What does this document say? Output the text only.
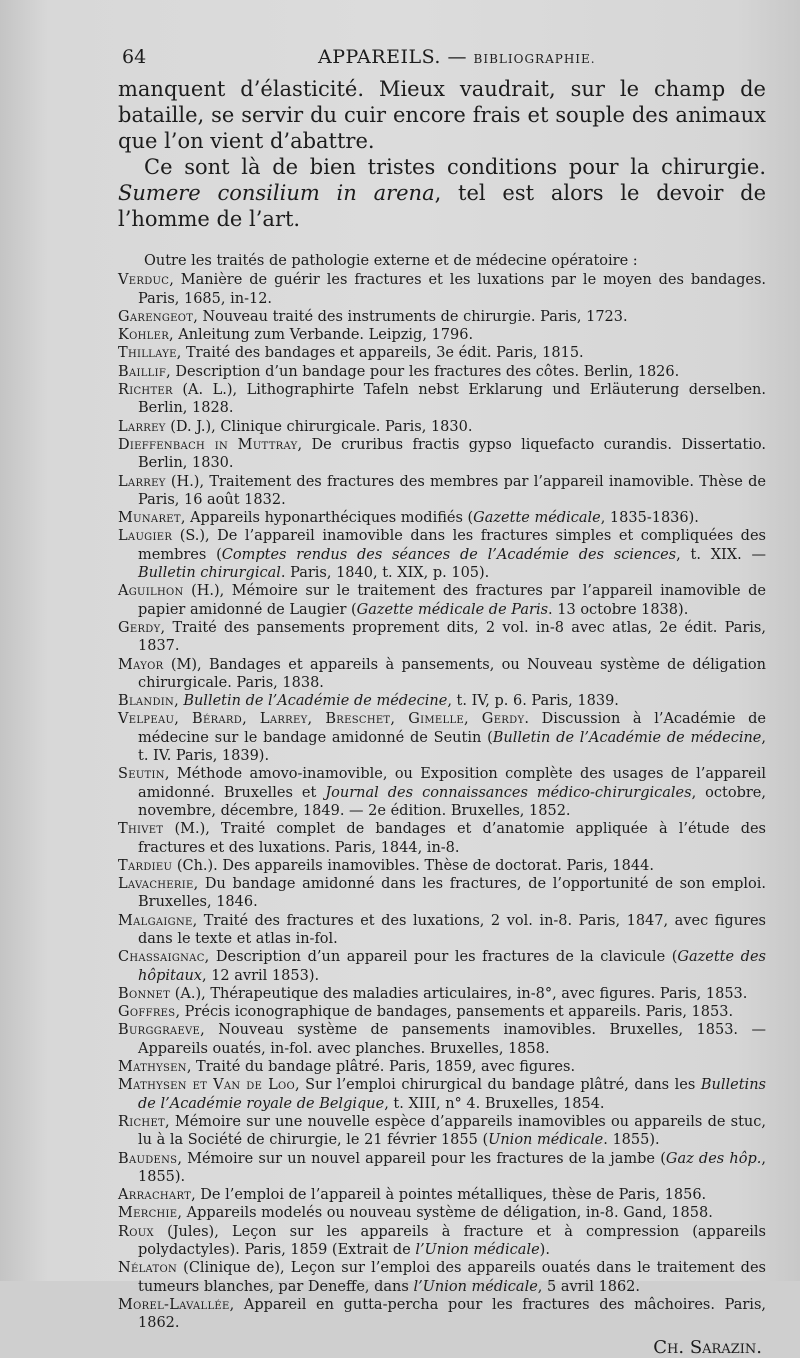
64	APPAREILS. — BIBLIOGRAPHIE.

manquent d’élasticité. Mieux vaudrait, sur le champ de bataille, se servir du cuir encore frais et souple des animaux que l’on vient d’abattre.

Ce sont là de bien tristes conditions pour la chirurgie. Sumere consilium in arena, tel est alors le devoir de l’homme de l’art.

Outre les traités de pathologie externe et de médecine opératoire :

Verduc, Manière de guérir les fractures et les luxations par le moyen des bandages. Paris, 1685, in-12.

Garengeot, Nouveau traité des instruments de chirurgie. Paris, 1723.

Kohler, Anleitung zum Verbande. Leipzig, 1796.

Thillaye, Traité des bandages et appareils, 3e édit. Paris, 1815.

Baillif, Description d’un bandage pour les fractures des côtes. Berlin, 1826.

Richter (A. L.), Lithographirte Tafeln nebst Erklarung und Erläuterung derselben. Berlin, 1828.

Larrey (D. J.), Clinique chirurgicale. Paris, 1830.

Dieffenbach in Muttray, De cruribus fractis gypso liquefacto curandis. Dissertatio. Berlin, 1830.

Larrey (H.), Traitement des fractures des membres par l’appareil inamovible. Thèse de Paris, 16 août 1832.

Munaret, Appareils hyponarthéciques modifiés (Gazette médicale, 1835-1836).

Laugier (S.), De l’appareil inamovible dans les fractures simples et compliquées des membres (Comptes rendus des séances de l’Académie des sciences, t. XIX. — Bulletin chirurgical. Paris, 1840, t. XIX, p. 105).

Aguilhon (H.), Mémoire sur le traitement des fractures par l’appareil inamovible de papier amidonné de Laugier (Gazette médicale de Paris. 13 octobre 1838).

Gerdy, Traité des pansements proprement dits, 2 vol. in-8 avec atlas, 2e édit. Paris, 1837.

Mayor (M), Bandages et appareils à pansements, ou Nouveau système de déligation chirurgicale. Paris, 1838.

Blandin, Bulletin de l’Académie de médecine, t. IV, p. 6. Paris, 1839.

Velpeau, Bérard, Larrey, Breschet, Gimelle, Gerdy. Discussion à l’Académie de médecine sur le bandage amidonné de Seutin (Bulletin de l’Académie de médecine, t. IV. Paris, 1839).

Seutin, Méthode amovo-inamovible, ou Exposition complète des usages de l’appareil amidonné. Bruxelles et Journal des connaissances médico-chirurgicales, octobre, novembre, décembre, 1849. — 2e édition. Bruxelles, 1852.

Thivet (M.), Traité complet de bandages et d’anatomie appliquée à l’étude des fractures et des luxations. Paris, 1844, in-8.

Tardieu (Ch.). Des appareils inamovibles. Thèse de doctorat. Paris, 1844.

Lavacherie, Du bandage amidonné dans les fractures, de l’opportunité de son emploi. Bruxelles, 1846.

Malgaigne, Traité des fractures et des luxations, 2 vol. in-8. Paris, 1847, avec figures dans le texte et atlas in-fol.

Chassaignac, Description d’un appareil pour les fractures de la clavicule (Gazette des hôpitaux, 12 avril 1853).

Bonnet (A.), Thérapeutique des maladies articulaires, in-8°, avec figures. Paris, 1853.

Goffres, Précis iconographique de bandages, pansements et appareils. Paris, 1853.

Burggraeve, Nouveau système de pansements inamovibles. Bruxelles, 1853. — Appareils ouatés, in-fol. avec planches. Bruxelles, 1858.

Mathysen, Traité du bandage plâtré. Paris, 1859, avec figures.

Mathysen et Van de Loo, Sur l’emploi chirurgical du bandage plâtré, dans les Bulletins de l’Académie royale de Belgique, t. XIII, n° 4. Bruxelles, 1854.

Richet, Mémoire sur une nouvelle espèce d’appareils inamovibles ou appareils de stuc, lu à la Société de chirurgie, le 21 février 1855 (Union médicale. 1855).

Baudens, Mémoire sur un nouvel appareil pour les fractures de la jambe (Gaz des hôp., 1855).

Arrachart, De l’emploi de l’appareil à pointes métalliques, thèse de Paris, 1856.

Merchie, Appareils modelés ou nouveau système de déligation, in-8. Gand, 1858.

Roux (Jules), Leçon sur les appareils à fracture et à compression (appareils polydactyles). Paris, 1859 (Extrait de l’Union médicale).

Nélaton (Clinique de), Leçon sur l’emploi des appareils ouatés dans le traitement des tumeurs blanches, par Deneffe, dans l’Union médicale, 5 avril 1862.

Morel-Lavallée, Appareil en gutta-percha pour les fractures des mâchoires. Paris, 1862.

Ch. Sarazin.
